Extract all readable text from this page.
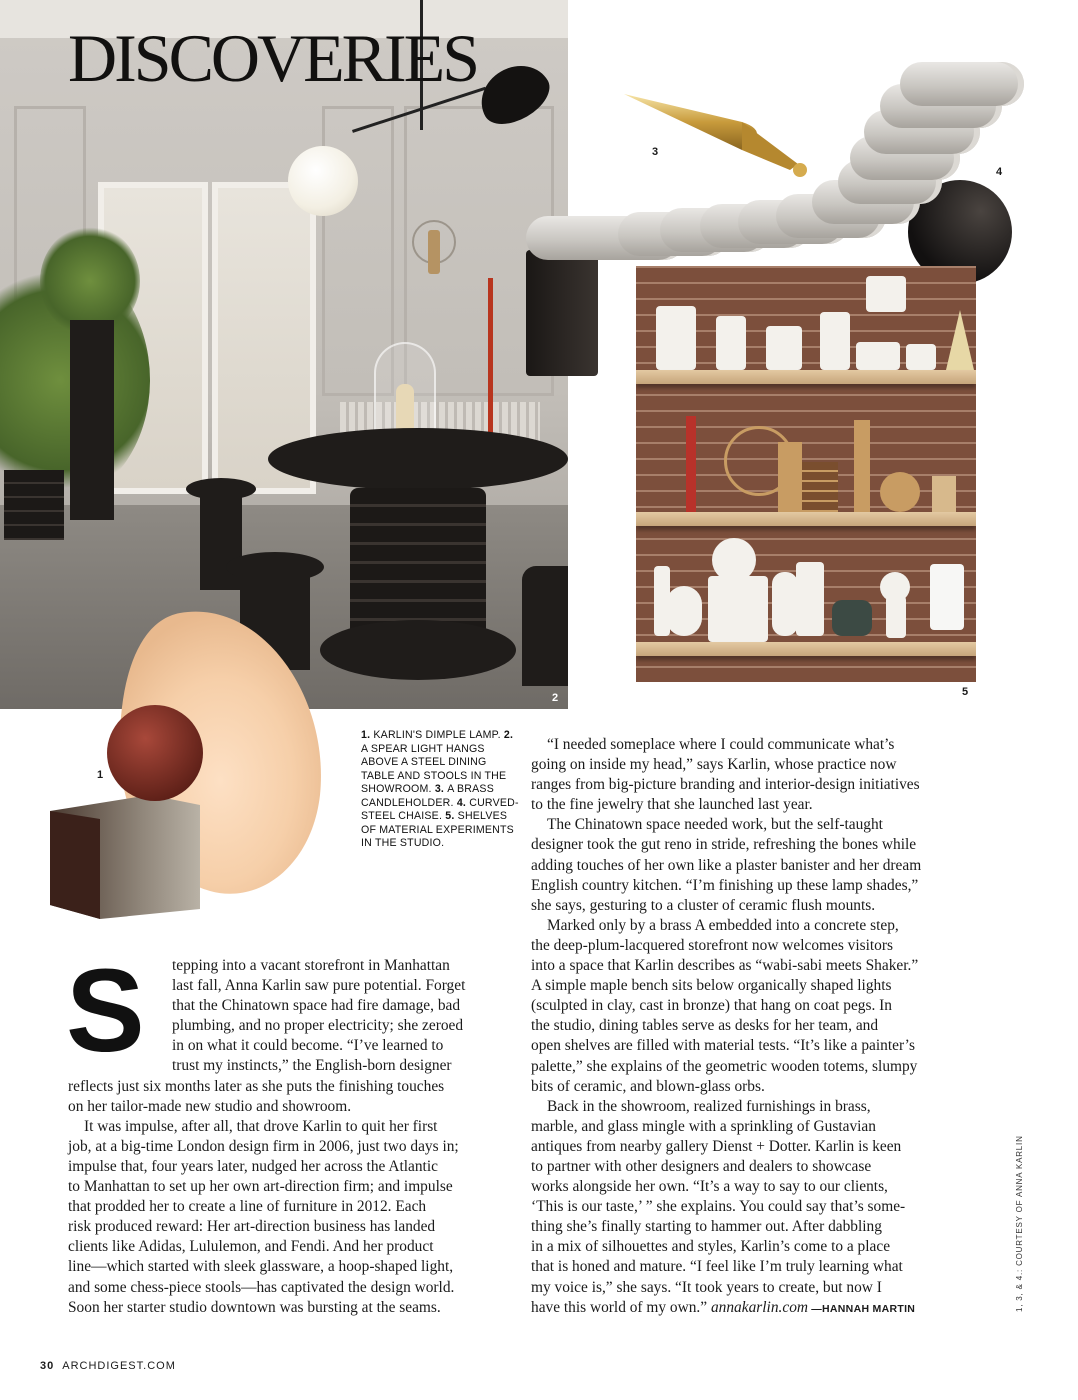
2
DISCOVERIES
3
4
5
1
1. KARLIN'S DIMPLE LAMP. 2. A SPEAR LIGHT HANGS ABOVE A STEEL DINING TABLE AND STOOLS IN THE SHOWROOM. 3. A BRASS CANDLEHOLDER. 4. CURVED-STEEL CHAISE. 5. SHELVES OF MATERIAL EXPERIMENTS IN THE STUDIO.
S	tepping into a vacant storefront in Manhattan
last fall, Anna Karlin saw pure potential. Forget
that the Chinatown space had fire damage, bad
plumbing, and no proper electricity; she zeroed
in on what it could become. “I’ve learned to
trust my instincts,” the English-born designer
reflects just six months later as she puts the finishing touches
on her tailor-made new studio and showroom.
It was impulse, after all, that drove Karlin to quit her first
job, at a big-time London design firm in 2006, just two days in;
impulse that, four years later, nudged her across the Atlantic
to Manhattan to set up her own art-direction firm; and impulse
that prodded her to create a line of furniture in 2012. Each
risk produced reward: Her art-direction business has landed
clients like Adidas, Lululemon, and Fendi. And her product
line—which started with sleek glassware, a hoop-shaped light,
and some chess-piece stools—has captivated the design world.
Soon her starter studio downtown was bursting at the seams.
“I needed someplace where I could communicate what’s
going on inside my head,” says Karlin, whose practice now
ranges from big-picture branding and interior-design initiatives
to the fine jewelry that she launched last year.
The Chinatown space needed work, but the self-taught
designer took the gut reno in stride, refreshing the bones while
adding touches of her own like a plaster banister and her dream
English country kitchen. “I’m finishing up these lamp shades,”
she says, gesturing to a cluster of ceramic flush mounts.
Marked only by a brass A embedded into a concrete step,
the deep-plum-lacquered storefront now welcomes visitors
into a space that Karlin describes as “wabi-sabi meets Shaker.”
A simple maple bench sits below organically shaped lights
(sculpted in clay, cast in bronze) that hang on coat pegs. In
the studio, dining tables serve as desks for her team, and
open shelves are filled with material tests. “It’s like a painter’s
palette,” she explains of the geometric wooden totems, slumpy
bits of ceramic, and blown-glass orbs.
Back in the showroom, realized furnishings in brass,
marble, and glass mingle with a sprinkling of Gustavian
antiques from nearby gallery Dienst + Dotter. Karlin is keen
to partner with other designers and dealers to showcase
works alongside her own. “It’s a way to say to our clients,
‘This is our taste,’ ” she explains. You could say that’s some-
thing she’s finally starting to hammer out. After dabbling
in a mix of silhouettes and styles, Karlin’s come to a place
that is honed and mature. “I feel like I’m truly learning what
my voice is,” she says. “It took years to create, but now I
have this world of my own.” annakarlin.com —HANNAH MARTIN
30 ARCHDIGEST.COM
1, 3, & 4.: COURTESY OF ANNA KARLIN
